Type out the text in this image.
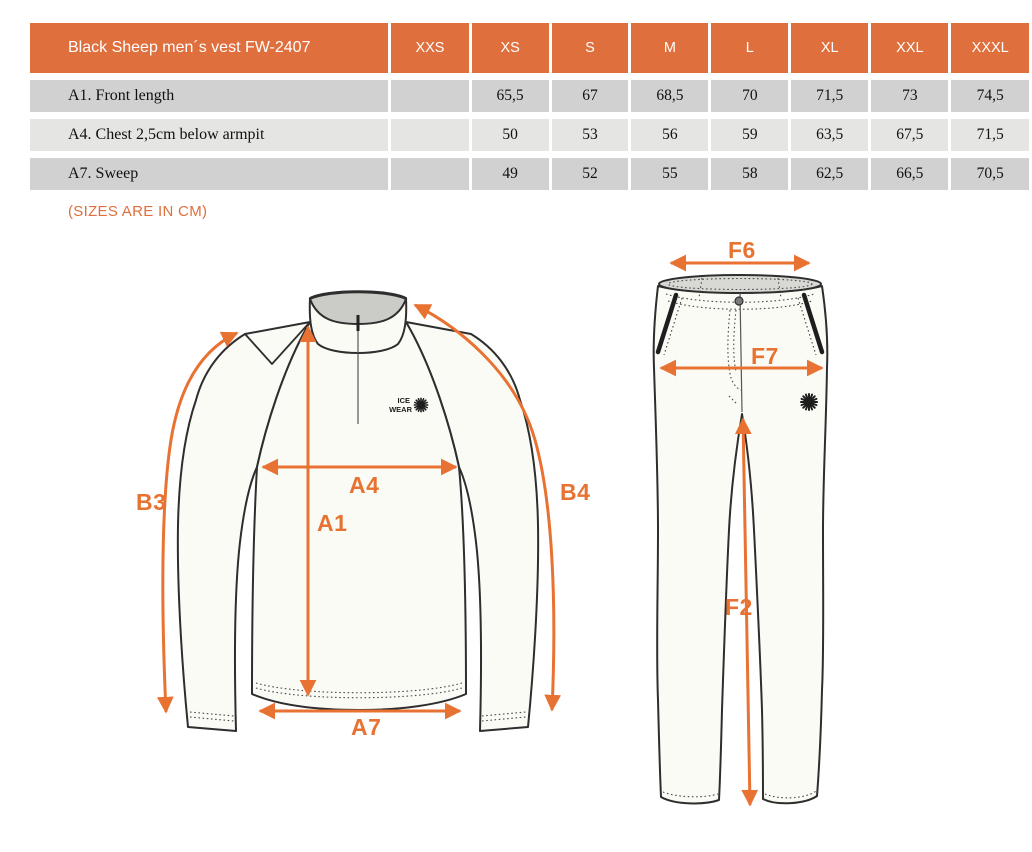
Black Sheep men´s vest FW-2407	XXS	XS	S	M	L	XL	XXL	XXXL
A1. Front length		65,5	67	68,5	70	71,5	73	74,5
A4. Chest 2,5cm below armpit		50	53	56	59	63,5	67,5	71,5
A7. Sweep		49	52	55	58	62,5	66,5	70,5
(SIZES ARE IN CM)
ICE
WEAR
B3	B4
A4
A1
A7
F6
F7
F2
